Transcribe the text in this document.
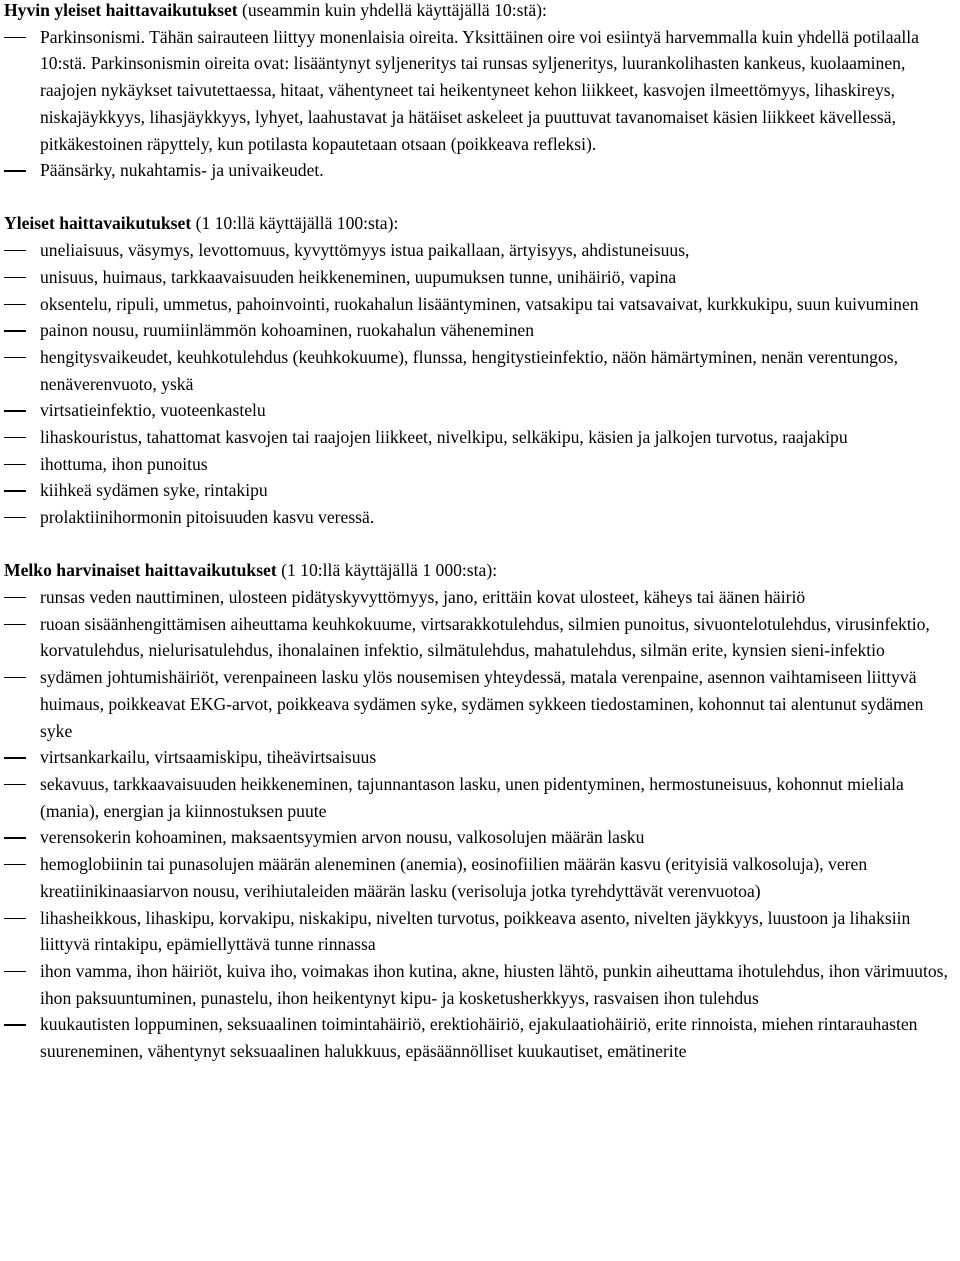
Hyvin yleiset haittavaikutukset (useammin kuin yhdellä käyttäjällä 10:stä):

Parkinsonismi. Tähän sairauteen liittyy monenlaisia oireita. Yksittäinen oire voi esiintyä harvemmalla kuin yhdellä potilaalla 10:stä. Parkinsonismin oireita ovat: lisääntynyt syljeneritys tai runsas syljeneritys, luurankolihasten kankeus, kuolaaminen, raajojen nykäykset taivutettaessa, hitaat, vähentyneet tai heikentyneet kehon liikkeet, kasvojen ilmeettömyys, lihaskireys, niskajäykkyys, lihasjäykkyys, lyhyet, laahustavat ja hätäiset askeleet ja puuttuvat tavanomaiset käsien liikkeet kävellessä, pitkäkestoinen räpyttely, kun potilasta kopautetaan otsaan (poikkeava refleksi).
Päänsärky, nukahtamis- ja univaikeudet.

Yleiset haittavaikutukset (1 10:llä käyttäjällä 100:sta):

uneliaisuus, väsymys, levottomuus, kyvyttömyys istua paikallaan, ärtyisyys, ahdistuneisuus,
unisuus, huimaus, tarkkaavaisuuden heikkeneminen, uupumuksen tunne, unihäiriö, vapina
oksentelu, ripuli, ummetus, pahoinvointi, ruokahalun lisääntyminen, vatsakipu tai vatsavaivat, kurkkukipu, suun kuivuminen
painon nousu, ruumiinlämmön kohoaminen, ruokahalun väheneminen
hengitysvaikeudet, keuhkotulehdus (keuhkokuume), flunssa, hengitystieinfektio, näön hämärtyminen, nenän verentungos, nenäverenvuoto, yskä
virtsatieinfektio, vuoteenkastelu
lihaskouristus, tahattomat kasvojen tai raajojen liikkeet, nivelkipu, selkäkipu, käsien ja jalkojen turvotus, raajakipu
ihottuma, ihon punoitus
kiihkeä sydämen syke, rintakipu
prolaktiinihormonin pitoisuuden kasvu veressä.

Melko harvinaiset haittavaikutukset (1 10:llä käyttäjällä 1 000:sta):

runsas veden nauttiminen, ulosteen pidätyskyvyttömyys, jano, erittäin kovat ulosteet, käheys tai äänen häiriö
ruoan sisäänhengittämisen aiheuttama keuhkokuume, virtsarakkotulehdus, silmien punoitus, sivuontelotulehdus, virusinfektio, korvatulehdus, nielurisatulehdus, ihonalainen infektio, silmätulehdus, mahatulehdus, silmän erite, kynsien sieni-infektio
sydämen johtumishäiriöt, verenpaineen lasku ylös nousemisen yhteydessä, matala verenpaine, asennon vaihtamiseen liittyvä huimaus, poikkeavat EKG-arvot, poikkeava sydämen syke, sydämen sykkeen tiedostaminen, kohonnut tai alentunut sydämen syke
virtsankarkailu, virtsaamiskipu, tiheävirtsaisuus
sekavuus, tarkkaavaisuuden heikkeneminen, tajunnantason lasku, unen pidentyminen, hermostuneisuus, kohonnut mieliala (mania), energian ja kiinnostuksen puute
verensokerin kohoaminen, maksaentsyymien arvon nousu, valkosolujen määrän lasku
hemoglobiinin tai punasolujen määrän aleneminen (anemia), eosinofiilien määrän kasvu (erityisiä valkosoluja), veren kreatiinikinaasiarvon nousu, verihiutaleiden määrän lasku (verisoluja jotka tyrehdyttävät verenvuotoa)
lihasheikkous, lihaskipu, korvakipu, niskakipu, nivelten turvotus, poikkeava asento, nivelten jäykkyys, luustoon ja lihaksiin liittyvä rintakipu, epämiellyttävä tunne rinnassa
ihon vamma, ihon häiriöt, kuiva iho, voimakas ihon kutina, akne, hiusten lähtö, punkin aiheuttama ihotulehdus, ihon värimuutos, ihon paksuuntuminen, punastelu, ihon heikentynyt kipu- ja kosketusherkkyys, rasvaisen ihon tulehdus
kuukautisten loppuminen, seksuaalinen toimintahäiriö, erektiohäiriö, ejakulaatiohäiriö, erite rinnoista, miehen rintarauhasten suureneminen, vähentynyt seksuaalinen halukkuus, epäsäännölliset kuukautiset, emätinerite
